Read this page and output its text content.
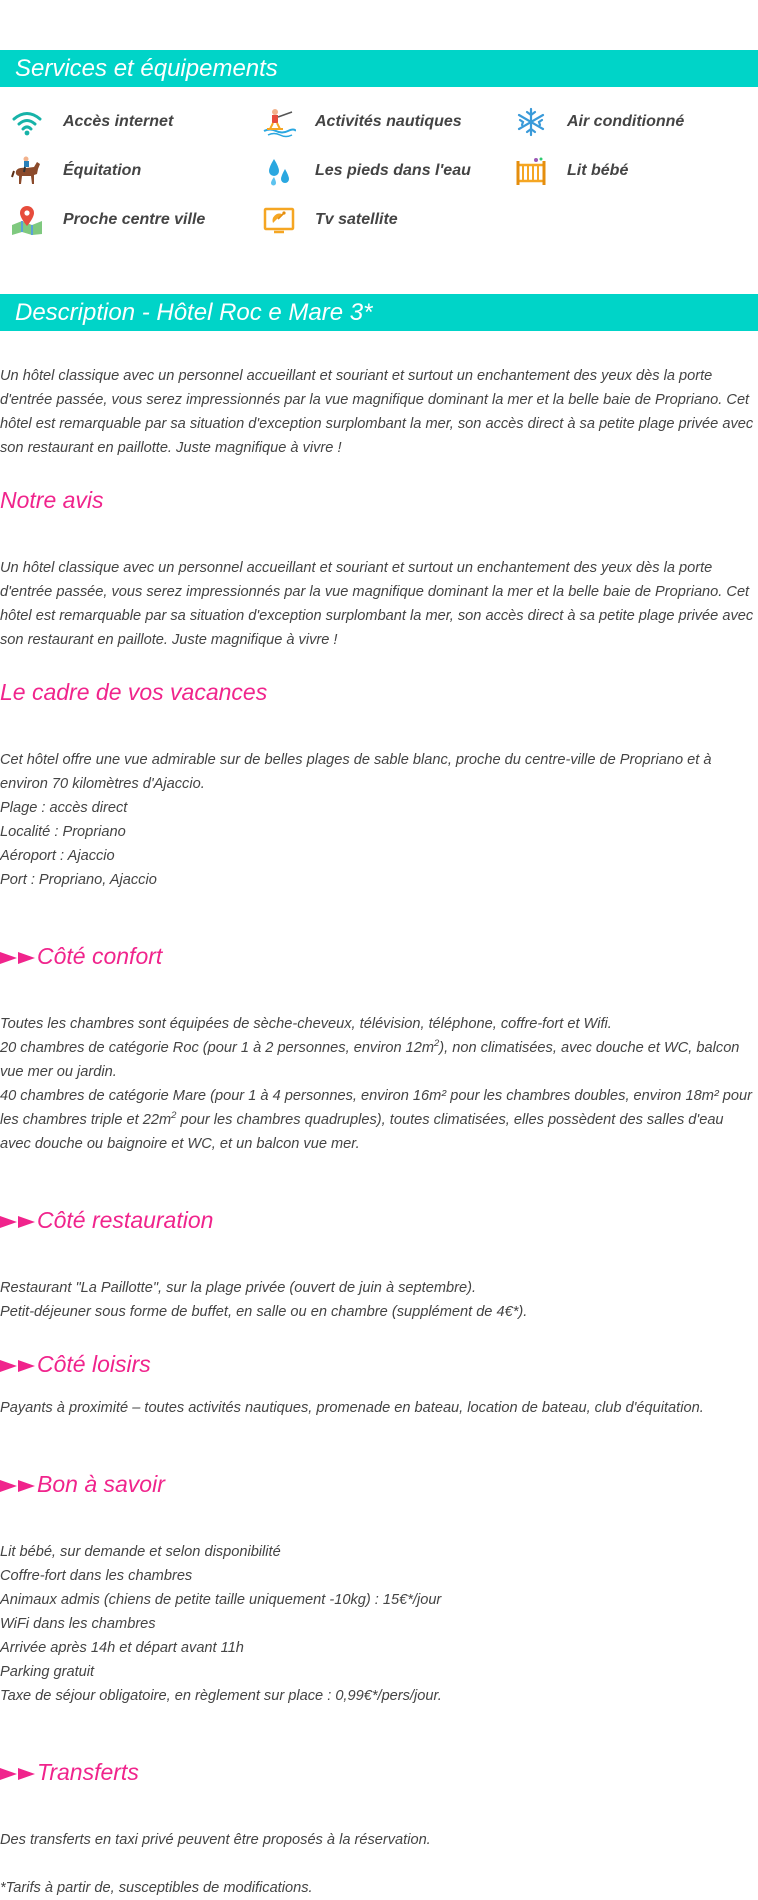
Services et équipements
Accès internet	Activités nautiques	Air conditionné
Équitation	Les pieds dans l'eau	Lit bébé
Proche centre ville	Tv satellite
Description - Hôtel Roc e Mare 3*

Un hôtel classique avec un personnel accueillant et souriant et surtout un enchantement des yeux dès la porte d'entrée passée, vous serez impressionnés par la vue magnifique dominant la mer et la belle baie de Propriano. Cet hôtel est remarquable par sa situation d'exception surplombant la mer, son accès direct à sa petite plage privée avec son restaurant en paillotte. Juste magnifique à vivre !

Notre avis

Un hôtel classique avec un personnel accueillant et souriant et surtout un enchantement des yeux dès la porte d'entrée passée, vous serez impressionnés par la vue magnifique dominant la mer et la belle baie de Propriano. Cet hôtel est remarquable par sa situation d'exception surplombant la mer, son accès direct à sa petite plage privée avec son restaurant en paillote. Juste magnifique à vivre !

Le cadre de vos vacances
Cet hôtel offre une vue admirable sur de belles plages de sable blanc, proche du centre-ville de Propriano et à environ 70 kilomètres d'Ajaccio.
Plage : accès direct
Localité : Propriano
Aéroport : Ajaccio
Port : Propriano, Ajaccio
Côté confort
Toutes les chambres sont équipées de sèche-cheveux, télévision, téléphone, coffre-fort et Wifi.
20 chambres de catégorie Roc (pour 1 à 2 personnes, environ $12m^2$), non climatisées, avec douche et WC, balcon vue mer ou jardin.
40 chambres de catégorie Mare (pour 1 à 4 personnes, environ 16m² pour les chambres doubles, environ 18m² pour les chambres triple et $22m^2$ pour les chambres quadruples), toutes climatisées, elles possèdent des salles d'eau avec douche ou baignoire et WC, et un balcon vue mer.
Côté restauration
Restaurant "La Paillotte", sur la plage privée (ouvert de juin à septembre).
Petit-déjeuner sous forme de buffet, en salle ou en chambre (supplément de 4€*).
Côté loisirs

Payants à proximité – toutes activités nautiques, promenade en bateau, location de bateau, club d'équitation.

Bon à savoir
Lit bébé, sur demande et selon disponibilité
Coffre-fort dans les chambres
Animaux admis (chiens de petite taille uniquement -10kg) : 15€*/jour
WiFi dans les chambres
Arrivée après 14h et départ avant 11h
Parking gratuit
Taxe de séjour obligatoire, en règlement sur place : 0,99€*/pers/jour.
Transferts

Des transferts en taxi privé peuvent être proposés à la réservation.

*Tarifs à partir de, susceptibles de modifications.
